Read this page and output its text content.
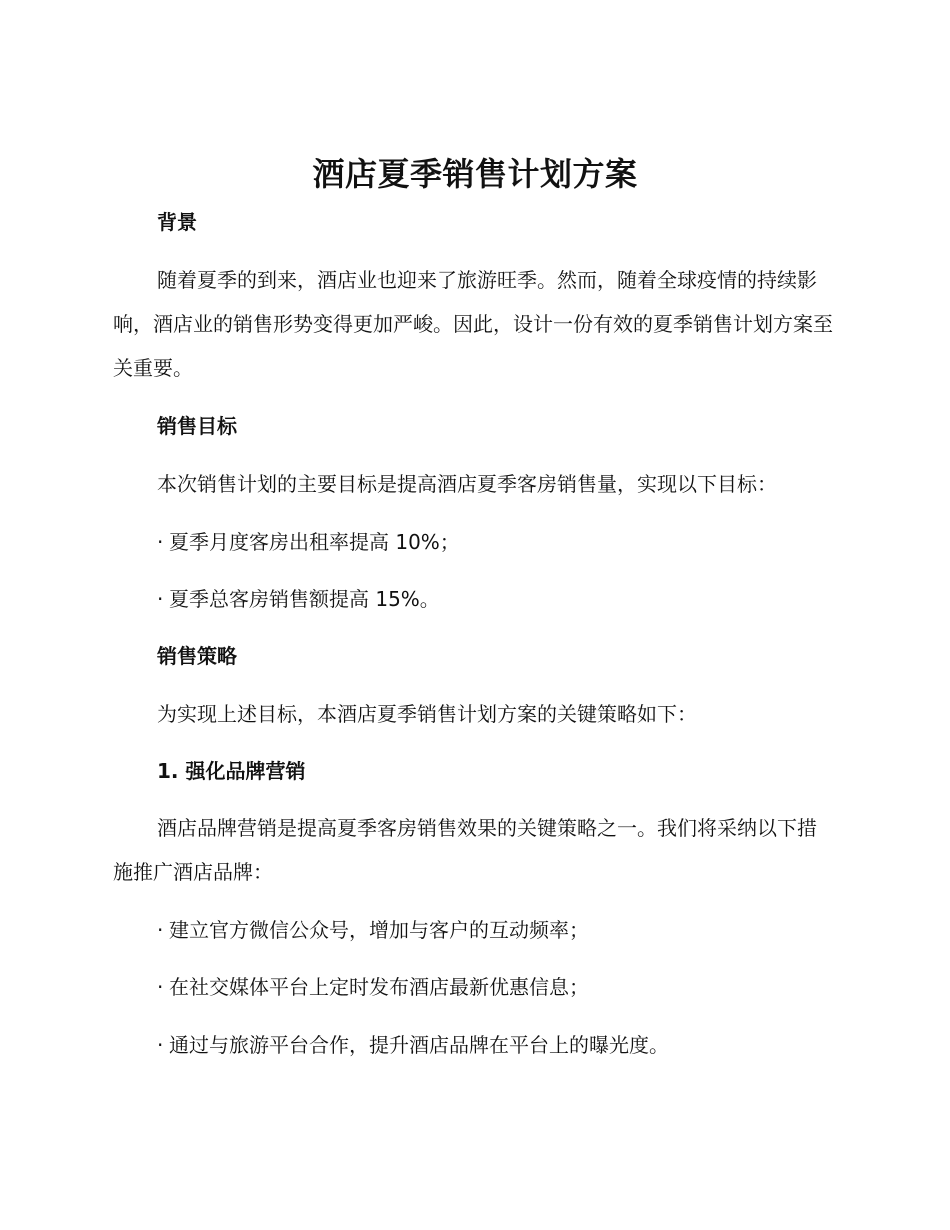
酒店夏季销售计划方案
背景

随着夏季的到来，酒店业也迎来了旅游旺季。然而，随着全球疫情的持续影响，酒店业的销售形势变得更加严峻。因此，设计一份有效的夏季销售计划方案至关重要。

销售目标
本次销售计划的主要目标是提高酒店夏季客房销售量，实现以下目标：
· 夏季月度客房出租率提高 10%；
· 夏季总客房销售额提高 15%。
销售策略
为实现上述目标，本酒店夏季销售计划方案的关键策略如下：
1. 强化品牌营销

酒店品牌营销是提高夏季客房销售效果的关键策略之一。我们将采纳以下措施推广酒店品牌：

· 建立官方微信公众号，增加与客户的互动频率；
· 在社交媒体平台上定时发布酒店最新优惠信息；
· 通过与旅游平台合作，提升酒店品牌在平台上的曝光度。
